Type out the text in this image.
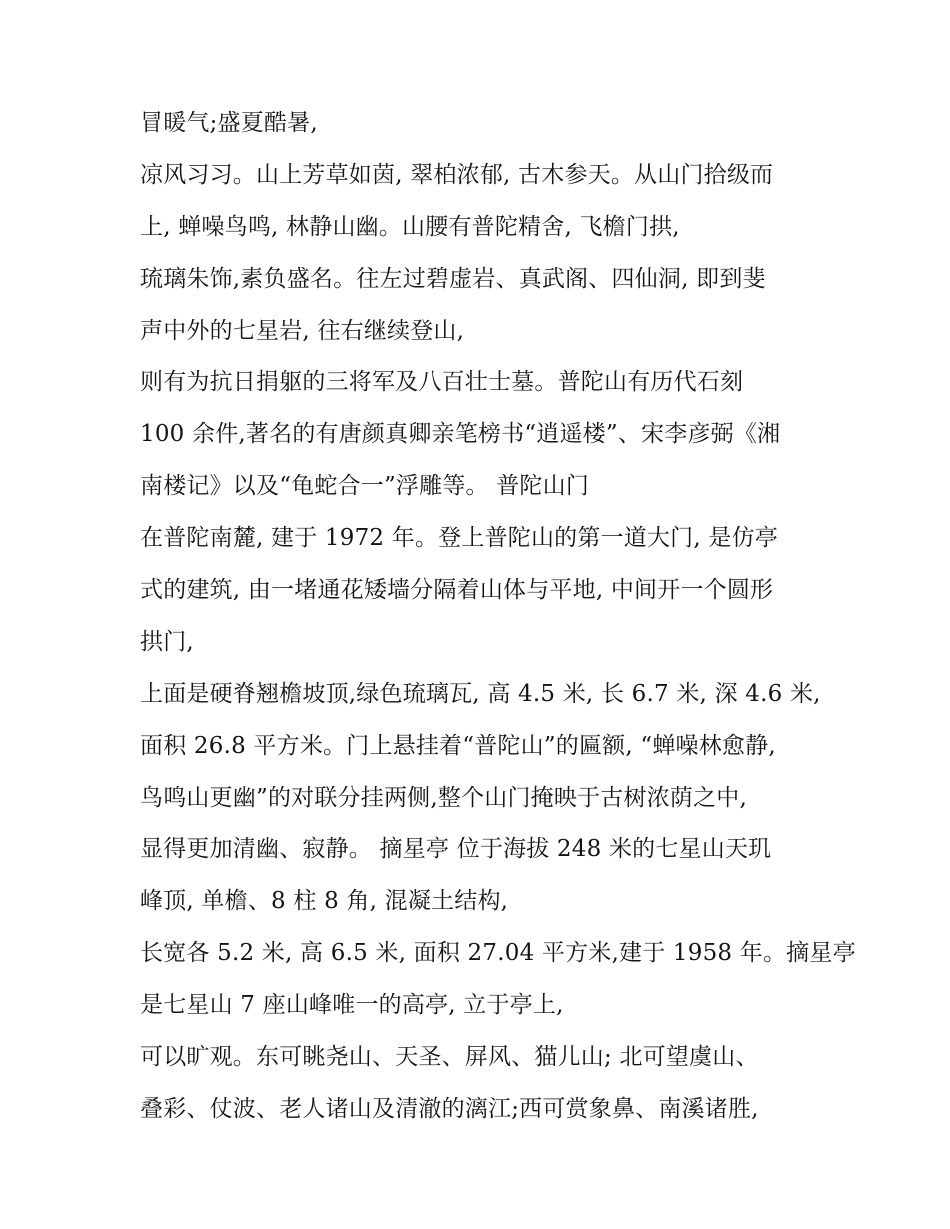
冒暖气;盛夏酷暑,
凉风习习。山上芳草如茵, 翠柏浓郁, 古木参天。从山门拾级而
上, 蝉噪鸟鸣, 林静山幽。山腰有普陀精舍, 飞檐门拱,
琉璃朱饰,素负盛名。往左过碧虚岩、真武阁、四仙洞, 即到斐
声中外的七星岩, 往右继续登山,
则有为抗日捐躯的三将军及八百壮士墓。普陀山有历代石刻
100 余件,著名的有唐颜真卿亲笔榜书“逍遥楼”、宋李彦弼《湘
南楼记》以及“龟蛇合一”浮雕等。 普陀山门
在普陀南麓, 建于 1972 年。登上普陀山的第一道大门, 是仿亭
式的建筑, 由一堵通花矮墙分隔着山体与平地, 中间开一个圆形
拱门,
上面是硬脊翘檐坡顶,绿色琉璃瓦, 高 4.5 米, 长 6.7 米, 深 4.6 米,
面积 26.8 平方米。门上悬挂着“普陀山”的匾额, “蝉噪林愈静,
鸟鸣山更幽”的对联分挂两侧,整个山门掩映于古树浓荫之中,
显得更加清幽、寂静。 摘星亭 位于海拔 248 米的七星山天玑
峰顶, 单檐、8 柱 8 角, 混凝土结构,
长宽各 5.2 米, 高 6.5 米, 面积 27.04 平方米,建于 1958 年。摘星亭
是七星山 7 座山峰唯一的高亭, 立于亭上,
可以旷观。东可眺尧山、天圣、屏风、猫儿山; 北可望虞山、
叠彩、仗波、老人诸山及清澈的漓江;西可赏象鼻、南溪诸胜,
